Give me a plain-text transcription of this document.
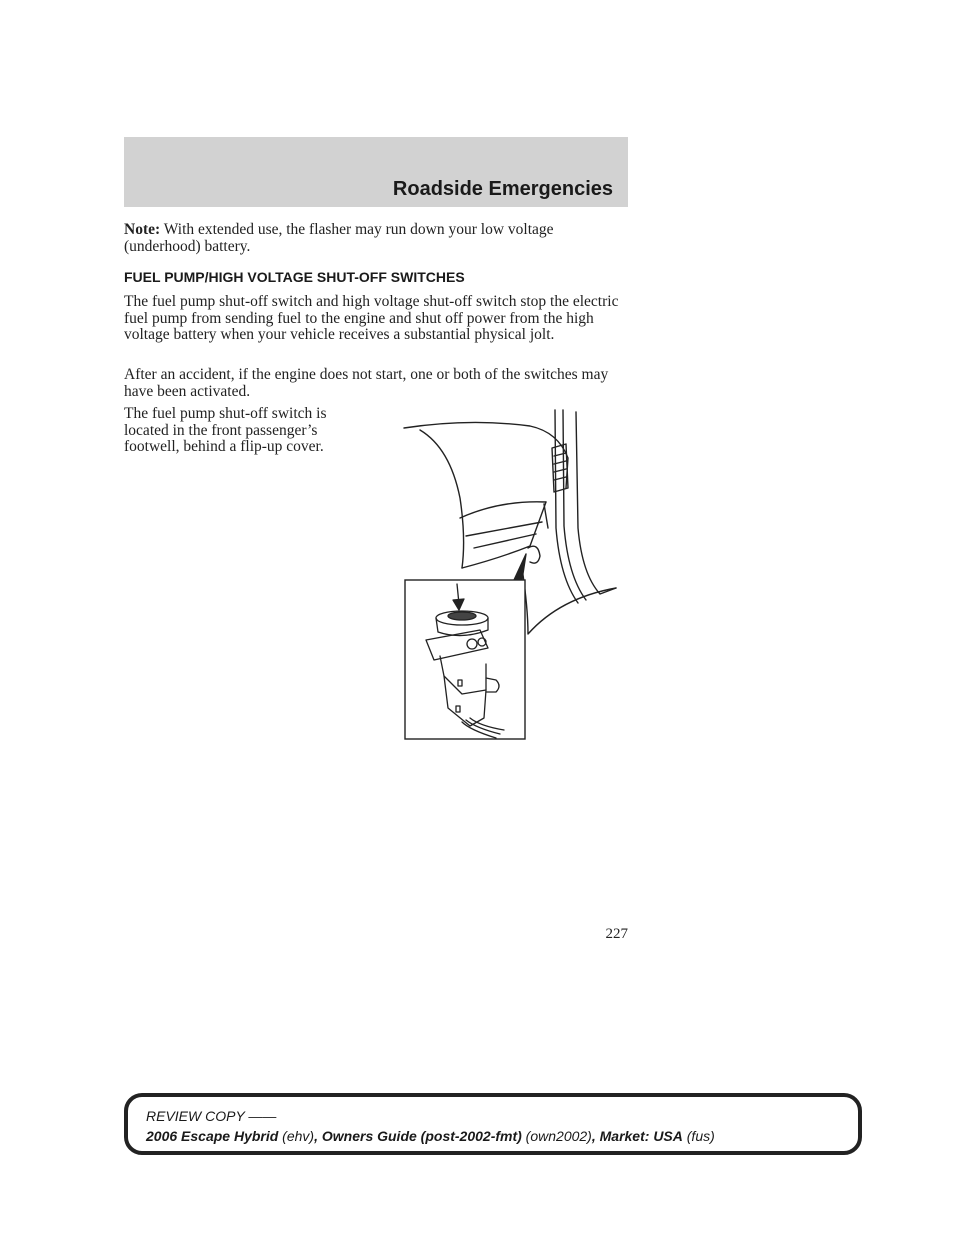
Roadside Emergencies

Note: With extended use, the flasher may run down your low voltage (underhood) battery.

FUEL PUMP/HIGH VOLTAGE SHUT-OFF SWITCHES

The fuel pump shut-off switch and high voltage shut-off switch stop the electric fuel pump from sending fuel to the engine and shut off power from the high voltage battery when your vehicle receives a substantial physical jolt.

After an accident, if the engine does not start, one or both of the switches may have been activated.

The fuel pump shut-off switch is located in the front passenger’s footwell, behind a flip-up cover.

227
REVIEW COPY ——
2006 Escape Hybrid (ehv), Owners Guide (post-2002-fmt) (own2002), Market: USA (fus)
